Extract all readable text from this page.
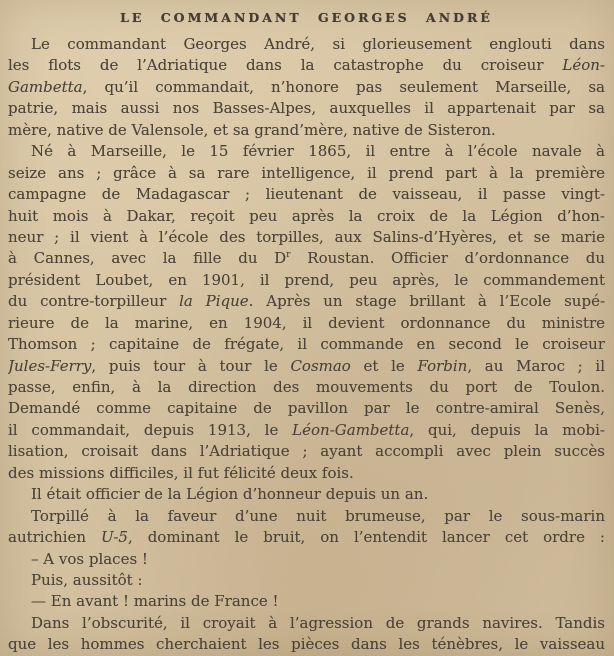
LE COMMANDANT GEORGES ANDRÉ
Le commandant Georges André, si glorieusement englouti dans
les flots de l’Adriatique dans la catastrophe du croiseur Léon-
Gambetta, qu’il commandait, n’honore pas seulement Marseille, sa
patrie, mais aussi nos Basses-Alpes, auxquelles il appartenait par sa
mère, native de Valensole, et sa grand’mère, native de Sisteron.
Né à Marseille, le 15 février 1865, il entre à l’école navale à
seize ans ; grâce à sa rare intelligence, il prend part à la première
campagne de Madagascar ; lieutenant de vaisseau, il passe vingt-
huit mois à Dakar, reçoit peu après la croix de la Légion d’hon-
neur ; il vient à l’école des torpilles, aux Salins-d’Hyères, et se marie
à Cannes, avec la fille du $D^r$ Roustan. Officier d’ordonnance du
président Loubet, en 1901, il prend, peu après, le commandement
du contre-torpilleur la Pique. Après un stage brillant à l’Ecole supé-
rieure de la marine, en 1904, il devient ordonnance du ministre
Thomson ; capitaine de frégate, il commande en second le croiseur
Jules-Ferry, puis tour à tour le Cosmao et le Forbin, au Maroc ; il
passe, enfin, à la direction des mouvements du port de Toulon.
Demandé comme capitaine de pavillon par le contre-amiral Senès,
il commandait, depuis 1913, le Léon-Gambetta, qui, depuis la mobi-
lisation, croisait dans l’Adriatique ; ayant accompli avec plein succès
des missions difficiles, il fut félicité deux fois.
Il était officier de la Légion d’honneur depuis un an.
Torpillé à la faveur d’une nuit brumeuse, par le sous-marin
autrichien U-5, dominant le bruit, on l’entendit lancer cet ordre :
– A vos places !
Puis, aussitôt :
— En avant ! marins de France !
Dans l’obscurité, il croyait à l’agression de grands navires. Tandis
que les hommes cherchaient les pièces dans les ténèbres, le vaisseau
